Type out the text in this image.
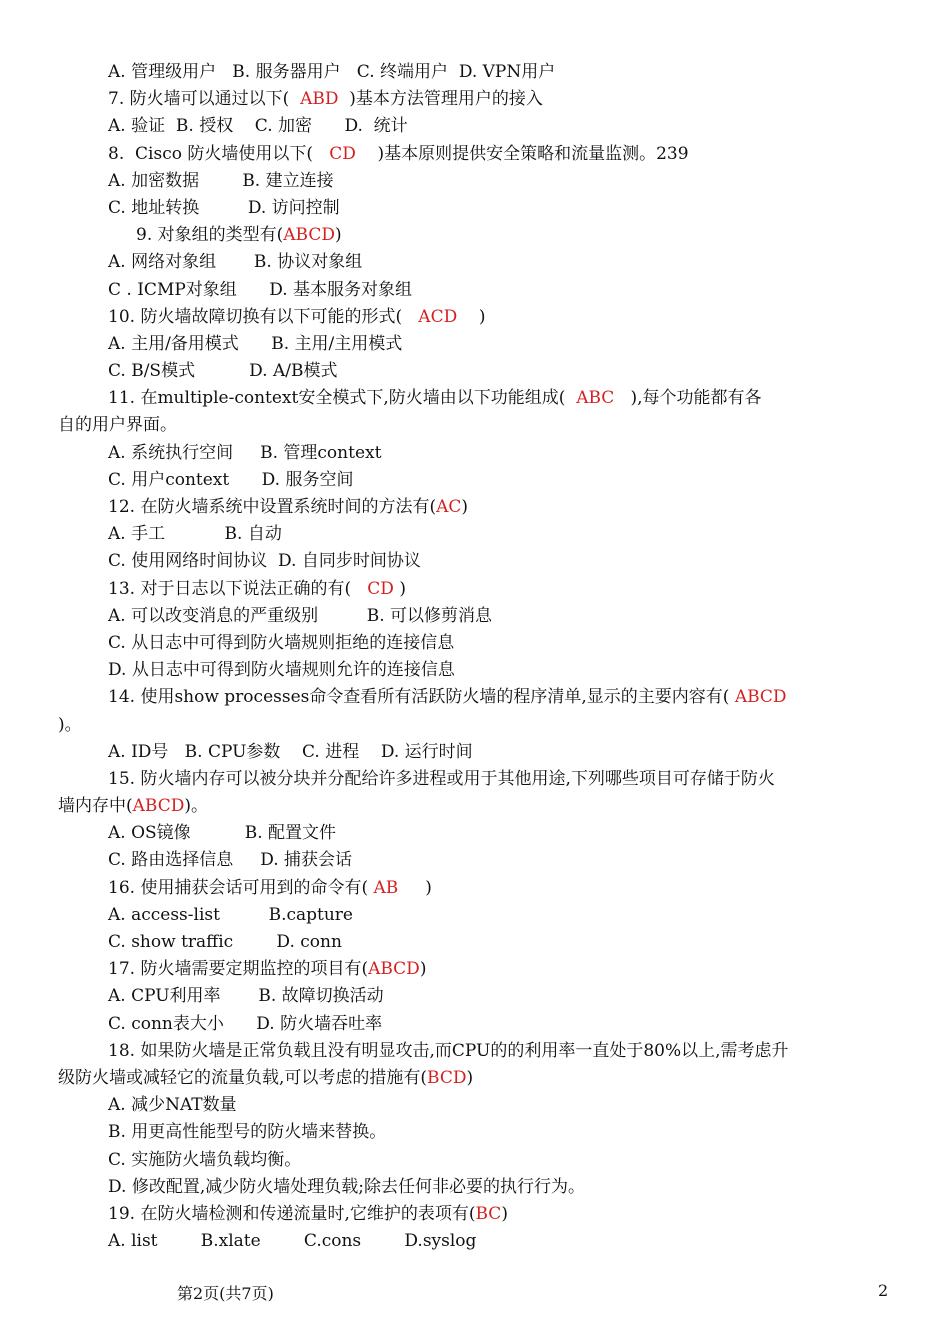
A. 管理级用户   B. 服务器用户   C. 终端用户  D. VPN用户
7. 防火墙可以通过以下(  ABD  )基本方法管理用户的接入
A. 验证  B. 授权    C. 加密      D.  统计
8.  Cisco 防火墙使用以下(   CD    )基本原则提供安全策略和流量监测。239
A. 加密数据        B. 建立连接
C. 地址转换         D. 访问控制
9. 对象组的类型有(ABCD)
A. 网络对象组       B. 协议对象组
C . ICMP对象组      D. 基本服务对象组
10. 防火墙故障切换有以下可能的形式(   ACD    )
A. 主用/备用模式      B. 主用/主用模式
C. B/S模式          D. A/B模式
11. 在multiple-context安全模式下,防火墙由以下功能组成(  ABC   ),每个功能都有各
自的用户界面。
A. 系统执行空间     B. 管理context
C. 用户context      D. 服务空间
12. 在防火墙系统中设置系统时间的方法有(AC)
A. 手工           B. 自动
C. 使用网络时间协议  D. 自同步时间协议
13. 对于日志以下说法正确的有(   CD )
A. 可以改变消息的严重级别         B. 可以修剪消息
C. 从日志中可得到防火墙规则拒绝的连接信息
D. 从日志中可得到防火墙规则允许的连接信息
14. 使用show processes命令查看所有活跃防火墙的程序清单,显示的主要内容有( ABCD
)。
A. ID号   B. CPU参数    C. 进程    D. 运行时间
15. 防火墙内存可以被分块并分配给许多进程或用于其他用途,下列哪些项目可存储于防火
墙内存中(ABCD)。
A. OS镜像          B. 配置文件
C. 路由选择信息     D. 捕获会话
16. 使用捕获会话可用到的命令有( AB     )
A. access-list         B.capture
C. show traffic        D. conn
17. 防火墙需要定期监控的项目有(ABCD)
A. CPU利用率       B. 故障切换活动
C. conn表大小      D. 防火墙吞吐率
18. 如果防火墙是正常负载且没有明显攻击,而CPU的的利用率一直处于80%以上,需考虑升
级防火墙或减轻它的流量负载,可以考虑的措施有(BCD)
A. 减少NAT数量
B. 用更高性能型号的防火墙来替换。
C. 实施防火墙负载均衡。
D. 修改配置,减少防火墙处理负载;除去任何非必要的执行行为。
19. 在防火墙检测和传递流量时,它维护的表项有(BC)
A. list        B.xlate        C.cons        D.syslog
第2页(共7页)	2
